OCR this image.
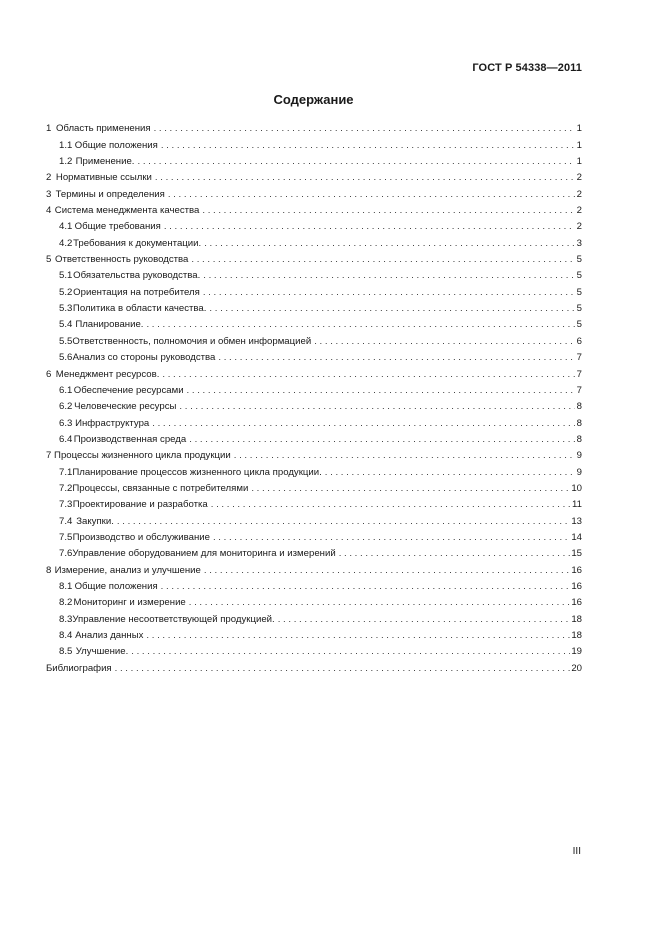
ГОСТ Р 54338—2011
Содержание
1 Область применения . . .	1
1.1 Общие положения . . .	1
1.2 Применение. . . .	1
2 Нормативные ссылки . . .	2
3 Термины и определения . . .	2
4 Система менеджмента качества . . .	2
4.1 Общие требования . . .	2
4.2 Требования к документации. . . .	3
5 Ответственность руководства . . .	5
5.1 Обязательства руководства. . . .	5
5.2 Ориентация на потребителя . . .	5
5.3 Политика в области качества. . . .	5
5.4 Планирование. . . .	5
5.5 Ответственность, полномочия и обмен информацией . . .	6
5.6 Анализ со стороны руководства . . .	7
6 Менеджмент ресурсов. . . .	7
6.1 Обеспечение ресурсами . . .	7
6.2 Человеческие ресурсы . . .	8
6.3 Инфраструктура . . .	8
6.4 Производственная среда . . .	8
7 Процессы жизненного цикла продукции . . .	9
7.1 Планирование процессов жизненного цикла продукции. . . .	9
7.2 Процессы, связанные с потребителями . . .	10
7.3 Проектирование и разработка . . .	11
7.4 Закупки. . . .	13
7.5 Производство и обслуживание . . .	14
7.6 Управление оборудованием для мониторинга и измерений . . .	15
8 Измерение, анализ и улучшение . . .	16
8.1 Общие положения . . .	16
8.2 Мониторинг и измерение . . .	16
8.3 Управление несоответствующей продукцией. . . .	18
8.4 Анализ данных . . .	18
8.5 Улучшение. . . .	19
Библиография . . .	20
III
